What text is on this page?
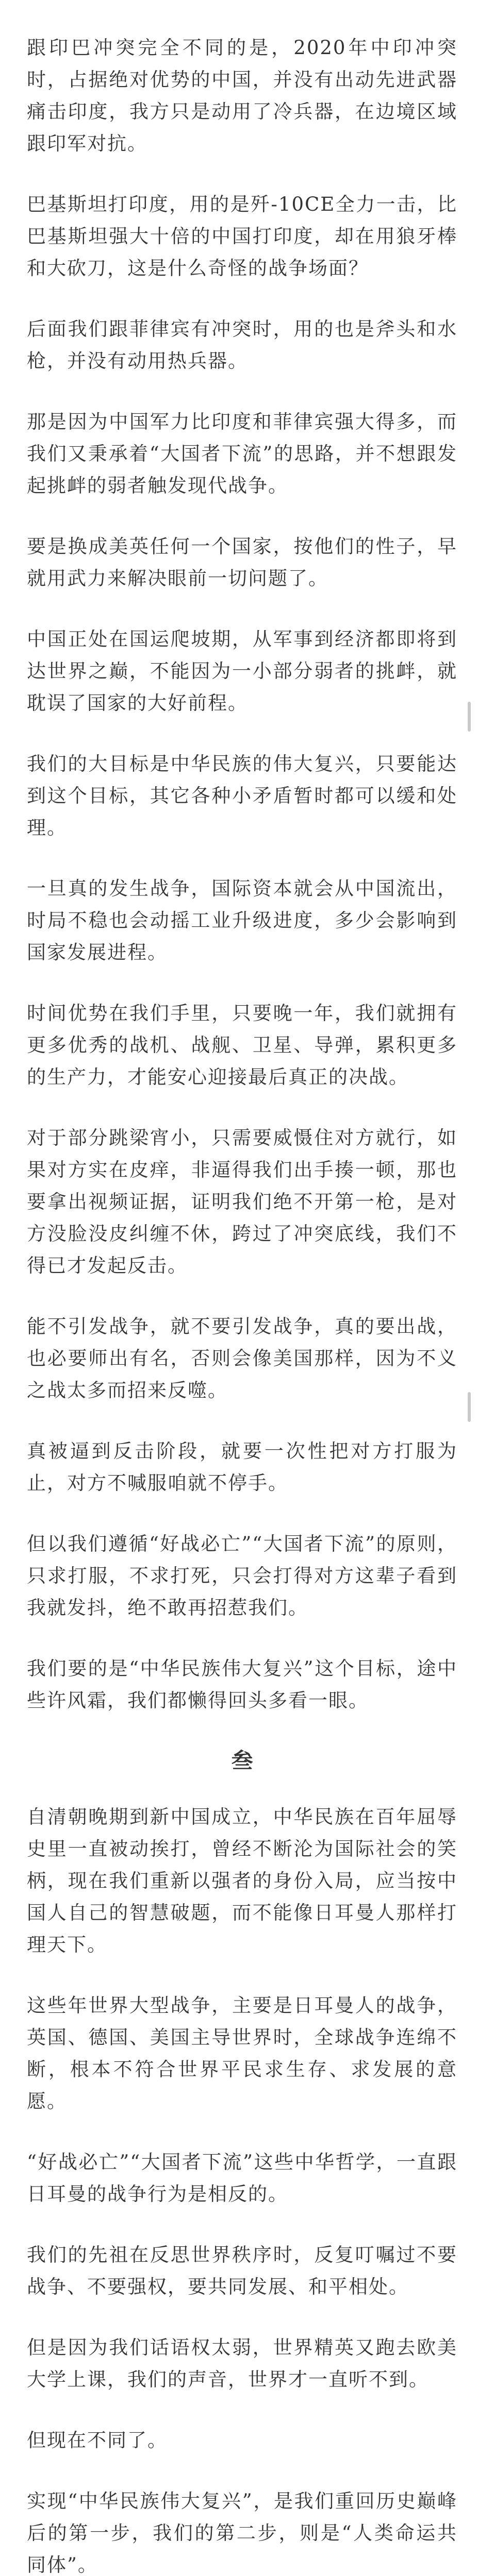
跟印巴冲突完全不同的是，2020年中印冲突时，占据绝对优势的中国，并没有出动先进武器痛击印度，我方只是动用了冷兵器，在边境区域跟印军对抗。

巴基斯坦打印度，用的是歼-10CE全力一击，比巴基斯坦强大十倍的中国打印度，却在用狼牙棒和大砍刀，这是什么奇怪的战争场面？

后面我们跟菲律宾有冲突时，用的也是斧头和水枪，并没有动用热兵器。

那是因为中国军力比印度和菲律宾强大得多，而我们又秉承着“大国者下流”的思路，并不想跟发起挑衅的弱者触发现代战争。

要是换成美英任何一个国家，按他们的性子，早就用武力来解决眼前一切问题了。

中国正处在国运爬坡期，从军事到经济都即将到达世界之巅，不能因为一小部分弱者的挑衅，就耽误了国家的大好前程。

我们的大目标是中华民族的伟大复兴，只要能达到这个目标，其它各种小矛盾暂时都可以缓和处理。

一旦真的发生战争，国际资本就会从中国流出，时局不稳也会动摇工业升级进度，多少会影响到国家发展进程。

时间优势在我们手里，只要晚一年，我们就拥有更多优秀的战机、战舰、卫星、导弹，累积更多的生产力，才能安心迎接最后真正的决战。

对于部分跳梁宵小，只需要威慑住对方就行，如果对方实在皮痒，非逼得我们出手揍一顿，那也要拿出视频证据，证明我们绝不开第一枪，是对方没脸没皮纠缠不休，跨过了冲突底线，我们不得已才发起反击。

能不引发战争，就不要引发战争，真的要出战，也必要师出有名，否则会像美国那样，因为不义之战太多而招来反噬。

真被逼到反击阶段，就要一次性把对方打服为止，对方不喊服咱就不停手。

但以我们遵循“好战必亡”“大国者下流”的原则，只求打服，不求打死，只会打得对方这辈子看到我就发抖，绝不敢再招惹我们。

我们要的是“中华民族伟大复兴”这个目标，途中些许风霜，我们都懒得回头多看一眼。

叁

自清朝晚期到新中国成立，中华民族在百年屈辱史里一直被动挨打，曾经不断沦为国际社会的笑柄，现在我们重新以强者的身份入局，应当按中国人自己的智慧破题，而不能像日耳曼人那样打理天下。

这些年世界大型战争，主要是日耳曼人的战争，英国、德国、美国主导世界时，全球战争连绵不断，根本不符合世界平民求生存、求发展的意愿。

“好战必亡”“大国者下流”这些中华哲学，一直跟日耳曼的战争行为是相反的。

我们的先祖在反思世界秩序时，反复叮嘱过不要战争、不要强权，要共同发展、和平相处。

但是因为我们话语权太弱，世界精英又跑去欧美大学上课，我们的声音，世界才一直听不到。

但现在不同了。

实现“中华民族伟大复兴”，是我们重回历史巅峰后的第一步，我们的第二步，则是“人类命运共同体”。
